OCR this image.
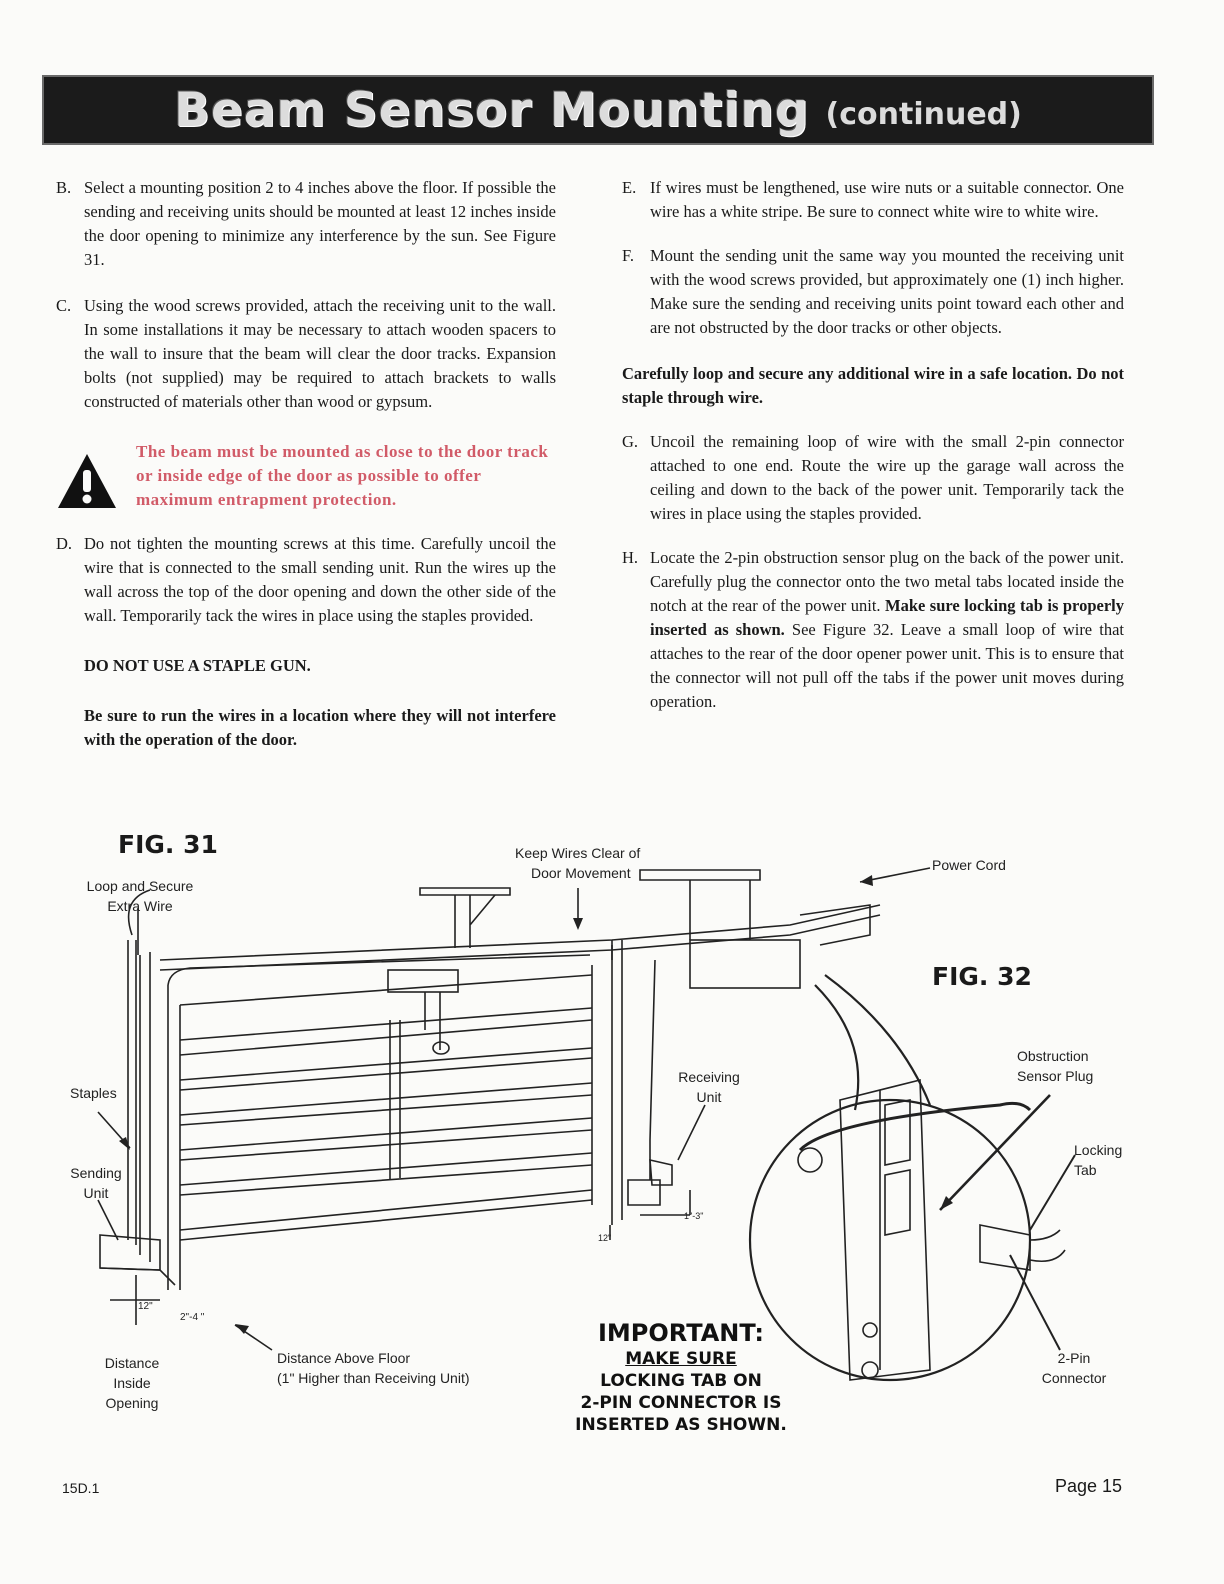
Beam Sensor Mounting (continued)

B. Select a mounting position 2 to 4 inches above the floor. If possible the sending and receiving units should be mounted at least 12 inches inside the door opening to minimize any interference by the sun. See Figure 31.

C. Using the wood screws provided, attach the receiving unit to the wall. In some installations it may be necessary to attach wooden spacers to the wall to insure that the beam will clear the door tracks. Expansion bolts (not supplied) may be required to attach brackets to walls constructed of materials other than wood or gypsum.

The beam must be mounted as close to the door track or inside edge of the door as possible to offer maximum entrapment protection.

D. Do not tighten the mounting screws at this time. Carefully uncoil the wire that is connected to the small sending unit. Run the wires up the wall across the top of the door opening and down the other side of the wall. Temporarily tack the wires in place using the staples provided.

DO NOT USE A STAPLE GUN.

Be sure to run the wires in a location where they will not interfere with the operation of the door.

E. If wires must be lengthened, use wire nuts or a suitable connector. One wire has a white stripe. Be sure to connect white wire to white wire.

F. Mount the sending unit the same way you mounted the receiving unit with the wood screws provided, but approximately one (1) inch higher. Make sure the sending and receiving units point toward each other and are not obstructed by the door tracks or other objects.

Carefully loop and secure any additional wire in a safe location. Do not staple through wire.

G. Uncoil the remaining loop of wire with the small 2-pin connector attached to one end. Route the wire up the garage wall across the ceiling and down to the back of the power unit. Temporarily tack the wires in place using the staples provided.

H. Locate the 2-pin obstruction sensor plug on the back of the power unit. Carefully plug the connector onto the two metal tabs located inside the notch at the rear of the power unit. Make sure locking tab is properly inserted as shown. See Figure 32. Leave a small loop of wire that attaches to the rear of the door opener power unit. This is to ensure that the connector will not pull off the tabs if the power unit moves during operation.

FIG. 31
Loop and Secure
Extra Wire
Keep Wires Clear of
Door Movement
Staples
Sending
Unit
Receiving
Unit
12"
2"-4 "
1"-3"
12"
Distance
Inside
Opening
Distance Above Floor
(1" Higher than Receiving Unit)
FIG. 32
Power Cord
Obstruction
Sensor Plug
Locking
Tab
2-Pin
Connector
IMPORTANT:
MAKE SURE
LOCKING TAB ON
2-PIN CONNECTOR IS
INSERTED AS SHOWN.
15D.1	Page 15
